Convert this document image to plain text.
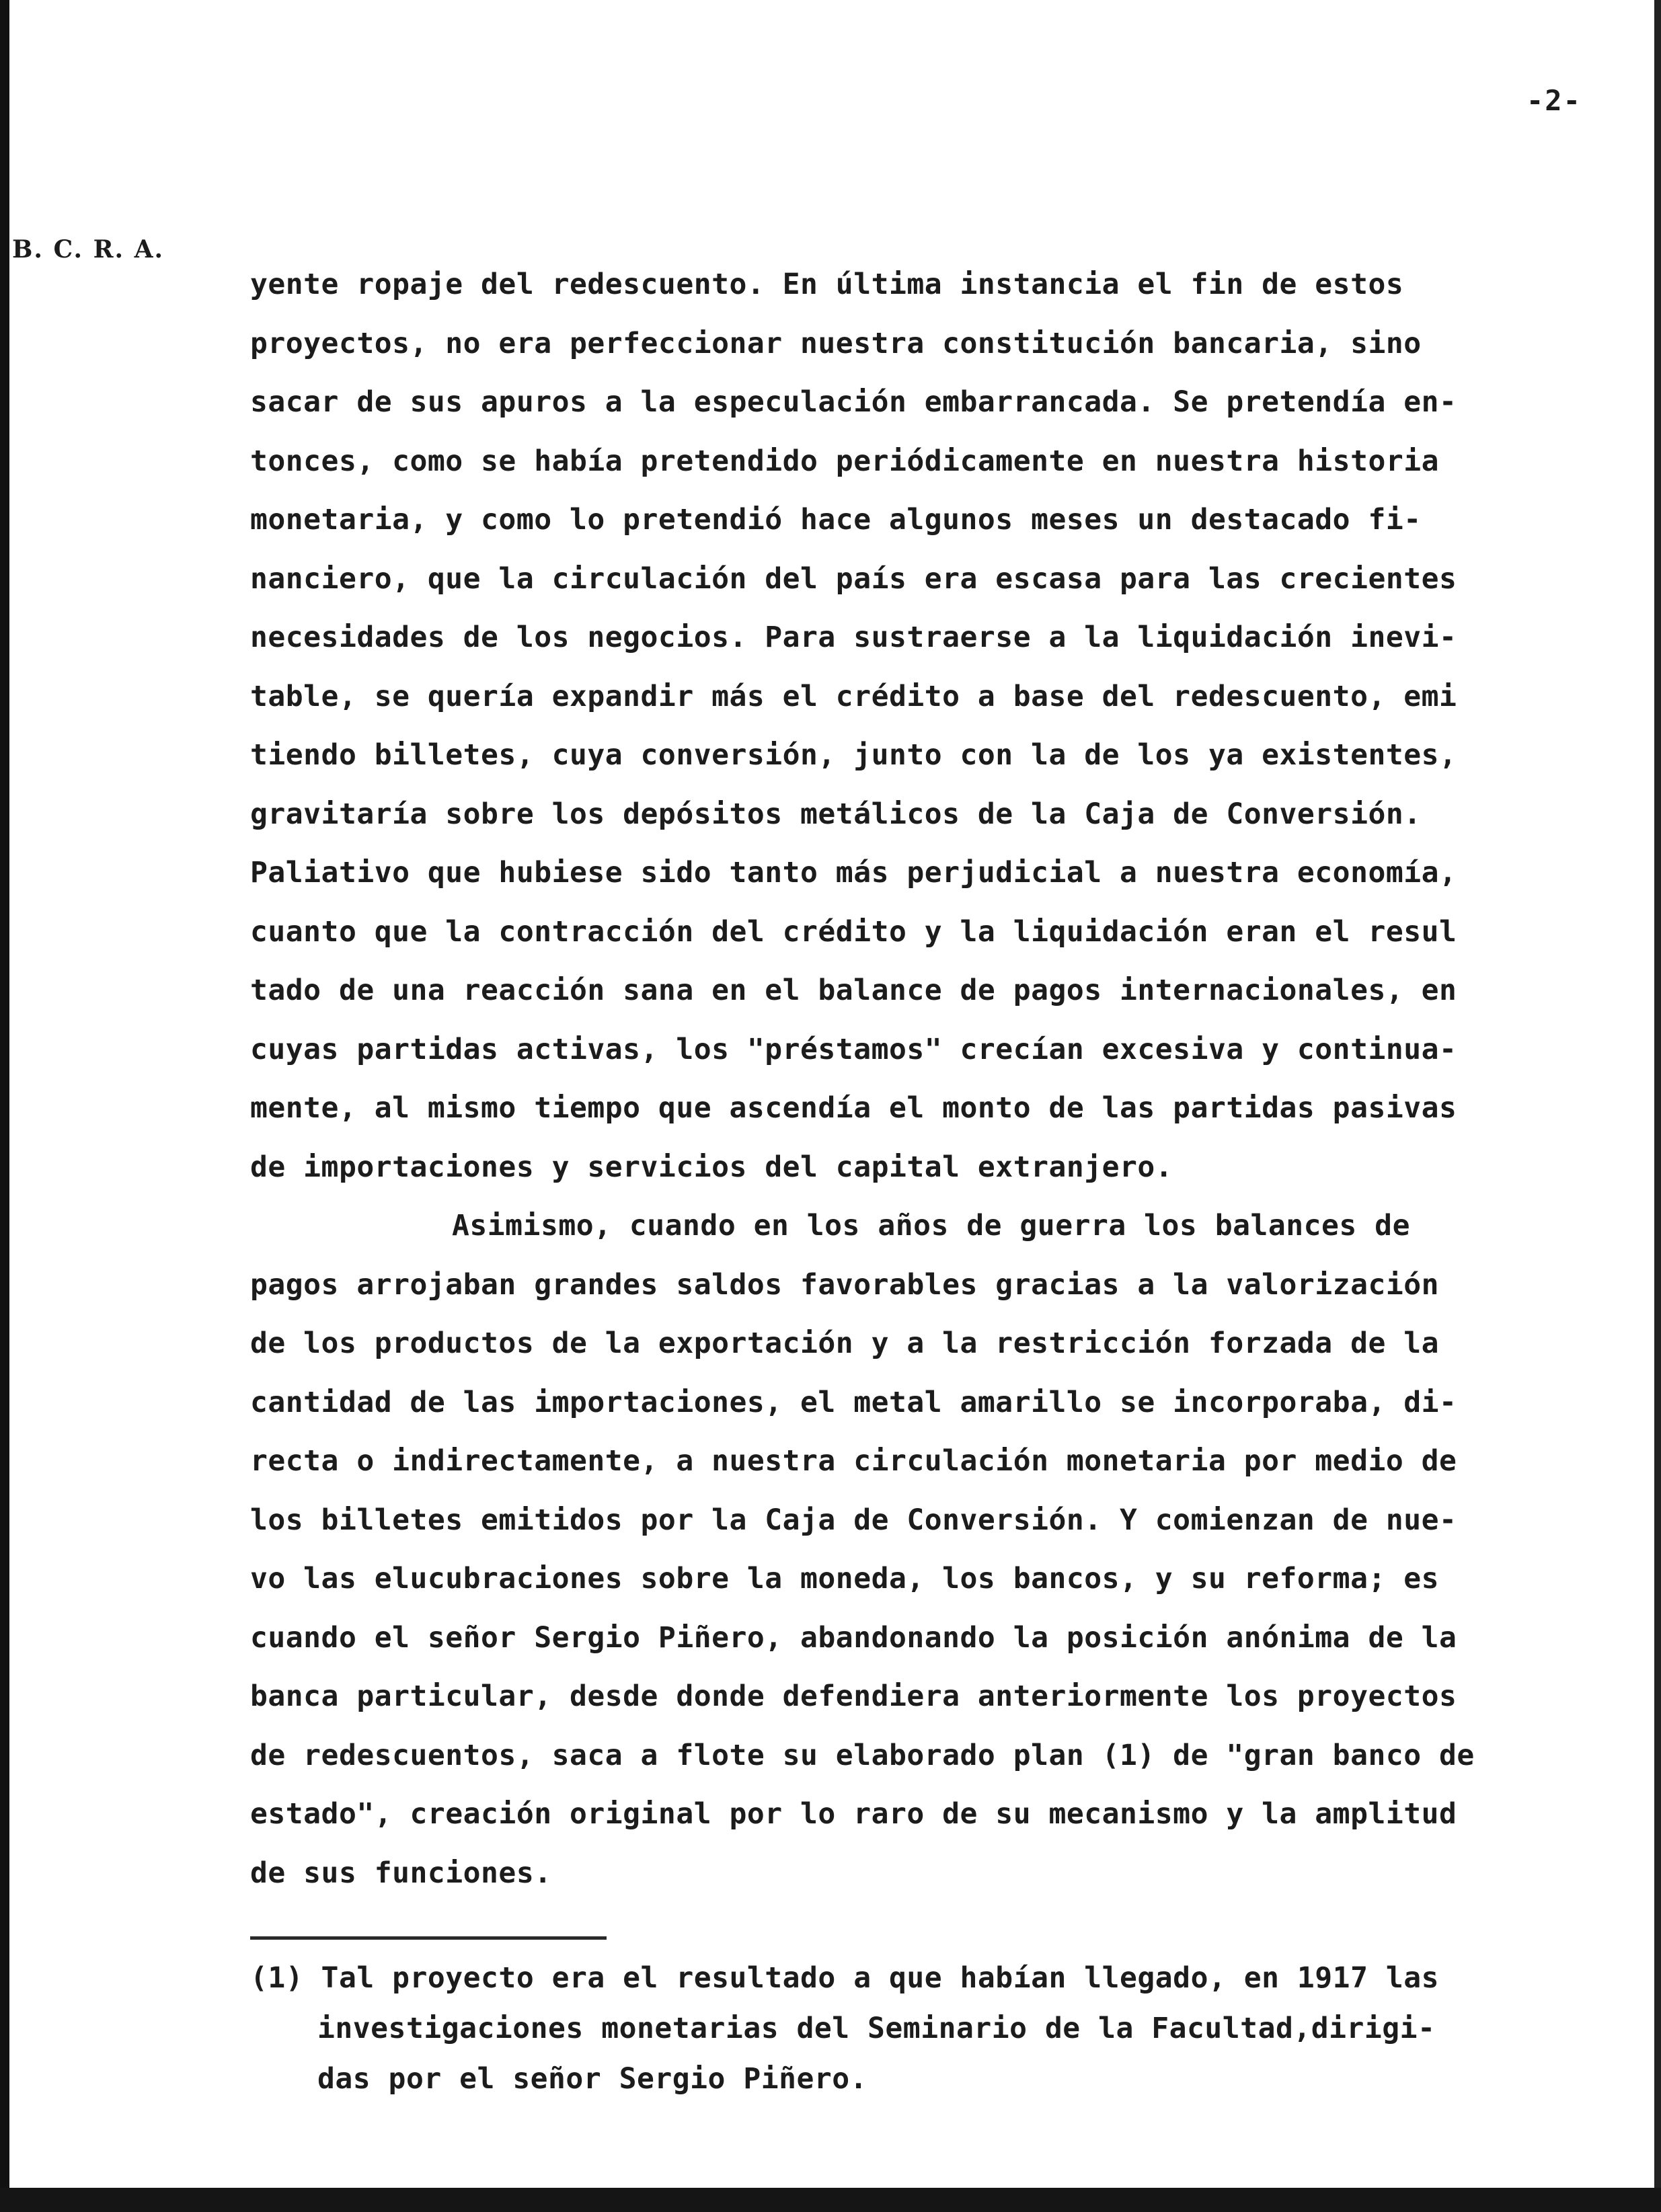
-2-
B. C. R. A.
yente ropaje del redescuento. En última instancia el fin de estos
proyectos, no era perfeccionar nuestra constitución bancaria, sino
sacar de sus apuros a la especulación embarrancada. Se pretendía en-
tonces, como se había pretendido periódicamente en nuestra historia
monetaria, y como lo pretendió hace algunos meses un destacado fi-
nanciero, que la circulación del país era escasa para las crecientes
necesidades de los negocios. Para sustraerse a la liquidación inevi-
table, se quería expandir más el crédito a base del redescuento, emi
tiendo billetes, cuya conversión, junto con la de los ya existentes,
gravitaría sobre los depósitos metálicos de la Caja de Conversión.
Paliativo que hubiese sido tanto más perjudicial a nuestra economía,
cuanto que la contracción del crédito y la liquidación eran el resul
tado de una reacción sana en el balance de pagos internacionales, en
cuyas partidas activas, los "préstamos" crecían excesiva y continua-
mente, al mismo tiempo que ascendía el monto de las partidas pasivas
de importaciones y servicios del capital extranjero.
Asimismo, cuando en los años de guerra los balances de
pagos arrojaban grandes saldos favorables gracias a la valorización
de los productos de la exportación y a la restricción forzada de la
cantidad de las importaciones, el metal amarillo se incorporaba, di-
recta o indirectamente, a nuestra circulación monetaria por medio de
los billetes emitidos por la Caja de Conversión. Y comienzan de nue-
vo las elucubraciones sobre la moneda, los bancos, y su reforma; es
cuando el señor Sergio Piñero, abandonando la posición anónima de la
banca particular, desde donde defendiera anteriormente los proyectos
de redescuentos, saca a flote su elaborado plan (1) de "gran banco de
estado", creación original por lo raro de su mecanismo y la amplitud
de sus funciones.
(1) Tal proyecto era el resultado a que habían llegado, en 1917 las
investigaciones monetarias del Seminario de la Facultad,dirigi-
das por el señor Sergio Piñero.
